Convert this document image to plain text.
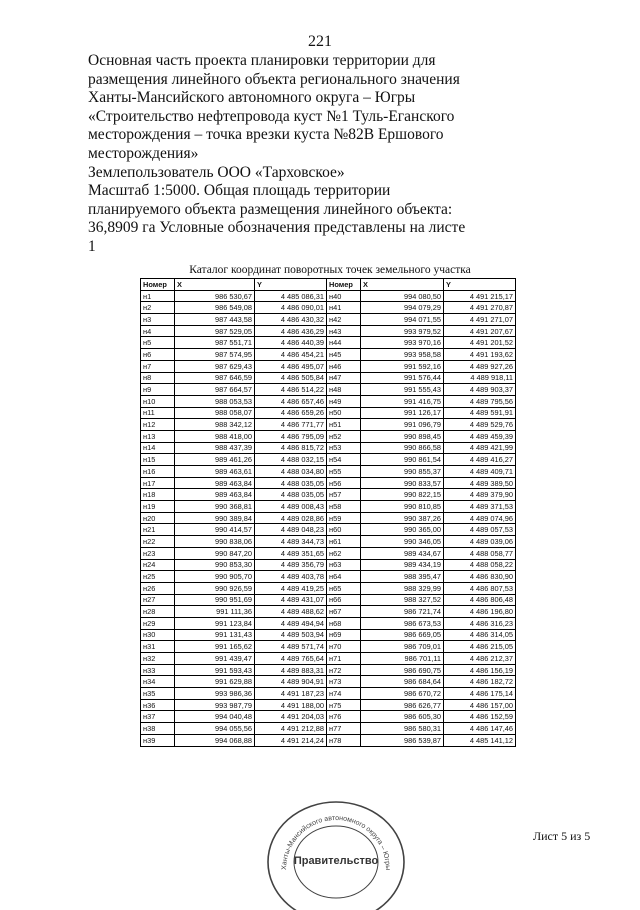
221

Основная часть проекта планировки территории для

размещения линейного объекта регионального значения

Ханты-Мансийского автономного округа – Югры

«Строительство нефтепровода куст №1 Туль-Еганского

месторождения – точка врезки куста №82В Ершового

месторождения»

Землепользователь ООО «Тарховское»

Масштаб 1:5000. Общая площадь территории

планируемого объекта размещения линейного объекта:

36,8909 га Условные обозначения представлены на листе

1

Каталог координат поворотных точек земельного участка
Номер	X	Y	Номер	X	Y
н1	986 530,67	4 485 086,31	н40	994 080,50	4 491 215,17
н2	986 549,08	4 486 090,01	н41	994 079,29	4 491 270,87
н3	987 443,58	4 486 430,32	н42	994 071,55	4 491 271,07
н4	987 529,05	4 486 436,29	н43	993 979,52	4 491 207,67
н5	987 551,71	4 486 440,39	н44	993 970,16	4 491 201,52
н6	987 574,95	4 486 454,21	н45	993 958,58	4 491 193,62
н7	987 629,43	4 486 495,07	н46	991 592,16	4 489 927,26
н8	987 646,59	4 486 505,84	н47	991 576,44	4 489 918,11
н9	987 664,57	4 486 514,22	н48	991 555,43	4 489 903,37
н10	988 053,53	4 486 657,46	н49	991 416,75	4 489 795,56
н11	988 058,07	4 486 659,26	н50	991 126,17	4 489 591,91
н12	988 342,12	4 486 771,77	н51	991 096,79	4 489 529,76
н13	988 418,00	4 486 795,09	н52	990 898,45	4 489 459,39
н14	988 437,39	4 486 815,72	н53	990 866,58	4 489 421,99
н15	989 461,26	4 488 032,15	н54	990 861,54	4 489 416,27
н16	989 463,61	4 488 034,80	н55	990 855,37	4 489 409,71
н17	989 463,84	4 488 035,05	н56	990 833,57	4 489 389,50
н18	989 463,84	4 488 035,05	н57	990 822,15	4 489 379,90
н19	990 368,81	4 489 008,43	н58	990 810,85	4 489 371,53
н20	990 389,84	4 489 028,86	н59	990 387,26	4 489 074,96
н21	990 414,57	4 489 048,23	н60	990 365,00	4 489 057,53
н22	990 838,06	4 489 344,73	н61	990 346,05	4 489 039,06
н23	990 847,20	4 489 351,65	н62	989 434,67	4 488 058,77
н24	990 853,30	4 489 356,79	н63	989 434,19	4 488 058,22
н25	990 905,70	4 489 403,78	н64	988 395,47	4 486 830,90
н26	990 926,59	4 489 419,25	н65	988 329,99	4 486 807,53
н27	990 951,69	4 489 431,07	н66	988 327,52	4 486 806,48
н28	991 111,36	4 489 488,62	н67	986 721,74	4 486 196,80
н29	991 123,84	4 489 494,94	н68	986 673,53	4 486 316,23
н30	991 131,43	4 489 503,94	н69	986 669,05	4 486 314,05
н31	991 165,62	4 489 571,74	н70	986 709,01	4 486 215,05
н32	991 439,47	4 489 765,64	н71	986 701,11	4 486 212,37
н33	991 593,43	4 489 883,31	н72	986 690,75	4 486 156,19
н34	991 629,88	4 489 904,91	н73	986 684,64	4 486 182,72
н35	993 986,36	4 491 187,23	н74	986 670,72	4 486 175,14
н36	993 987,79	4 491 188,00	н75	986 626,77	4 486 157,00
н37	994 040,48	4 491 204,03	н76	986 605,30	4 486 152,59
н38	994 055,56	4 491 212,88	н77	986 580,31	4 486 147,46
н39	994 068,88	4 491 214,24	н78	986 539,87	4 485 141,12
Ханты-Мансийского автономного округа – Югры
Правительство
Лист 5 из 5
